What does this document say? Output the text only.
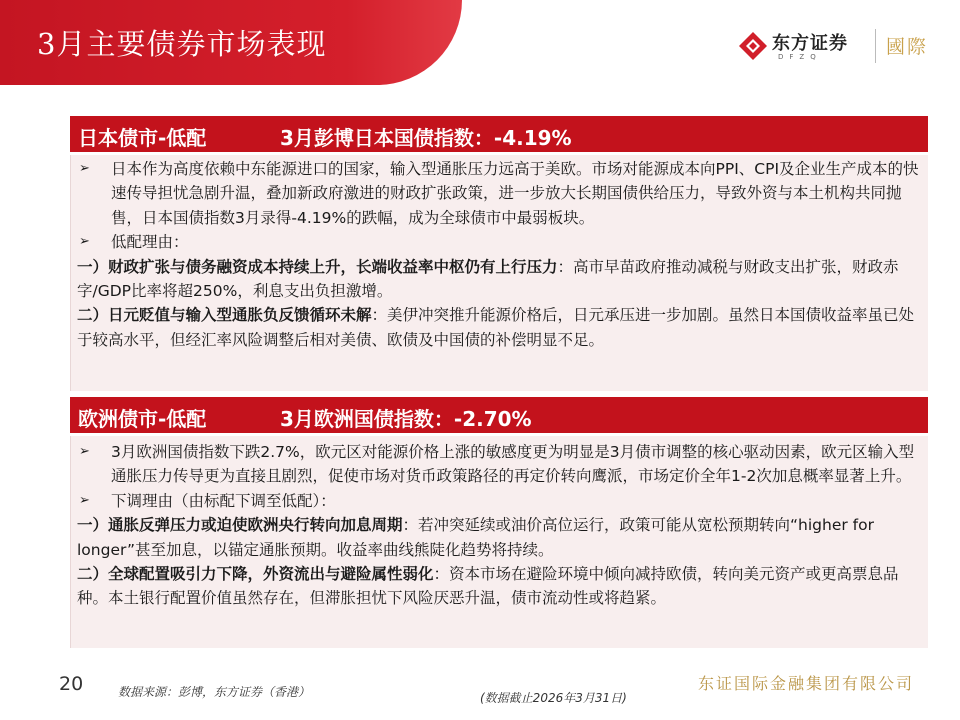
3月主要债券市场表现	东方证券
DFZQ	國際
日本债市-低配	3月彭博日本国债指数：-4.19%
➢ 日本作为高度依赖中东能源进口的国家，输入型通胀压力远高于美欧。市场对能源成本向PPI、CPI及企业生产成本的快速传导担忧急剧升温，叠加新政府激进的财政扩张政策，进一步放大长期国债供给压力，导致外资与本土机构共同抛售，日本国债指数3月录得-4.19%的跌幅，成为全球债市中最弱板块。
➢ 低配理由：
一）财政扩张与债务融资成本持续上升，长端收益率中枢仍有上行压力：高市早苗政府推动减税与财政支出扩张，财政赤字/GDP比率将超250%，利息支出负担激增。
二）日元贬值与输入型通胀负反馈循环未解：美伊冲突推升能源价格后，日元承压进一步加剧。虽然日本国债收益率虽已处于较高水平，但经汇率风险调整后相对美债、欧债及中国债的补偿明显不足。
欧洲债市-低配	3月欧洲国债指数：-2.70%
➢ 3月欧洲国债指数下跌2.7%，欧元区对能源价格上涨的敏感度更为明显是3月债市调整的核心驱动因素，欧元区输入型通胀压力传导更为直接且剧烈，促使市场对货币政策路径的再定价转向鹰派，市场定价全年1-2次加息概率显著上升。
➢ 下调理由（由标配下调至低配）：
一）通胀反弹压力或迫使欧洲央行转向加息周期：若冲突延续或油价高位运行，政策可能从宽松预期转向“higher for longer”甚至加息，以锚定通胀预期。收益率曲线熊陡化趋势将持续。
二）全球配置吸引力下降，外资流出与避险属性弱化：资本市场在避险环境中倾向减持欧债，转向美元资产或更高票息品种。本土银行配置价值虽然存在，但滞胀担忧下风险厌恶升温，债市流动性或将趋紧。
20	数据来源：彭博，东方证券（香港）	(数据截止2026年3月31日)
东证国际金融集团有限公司
